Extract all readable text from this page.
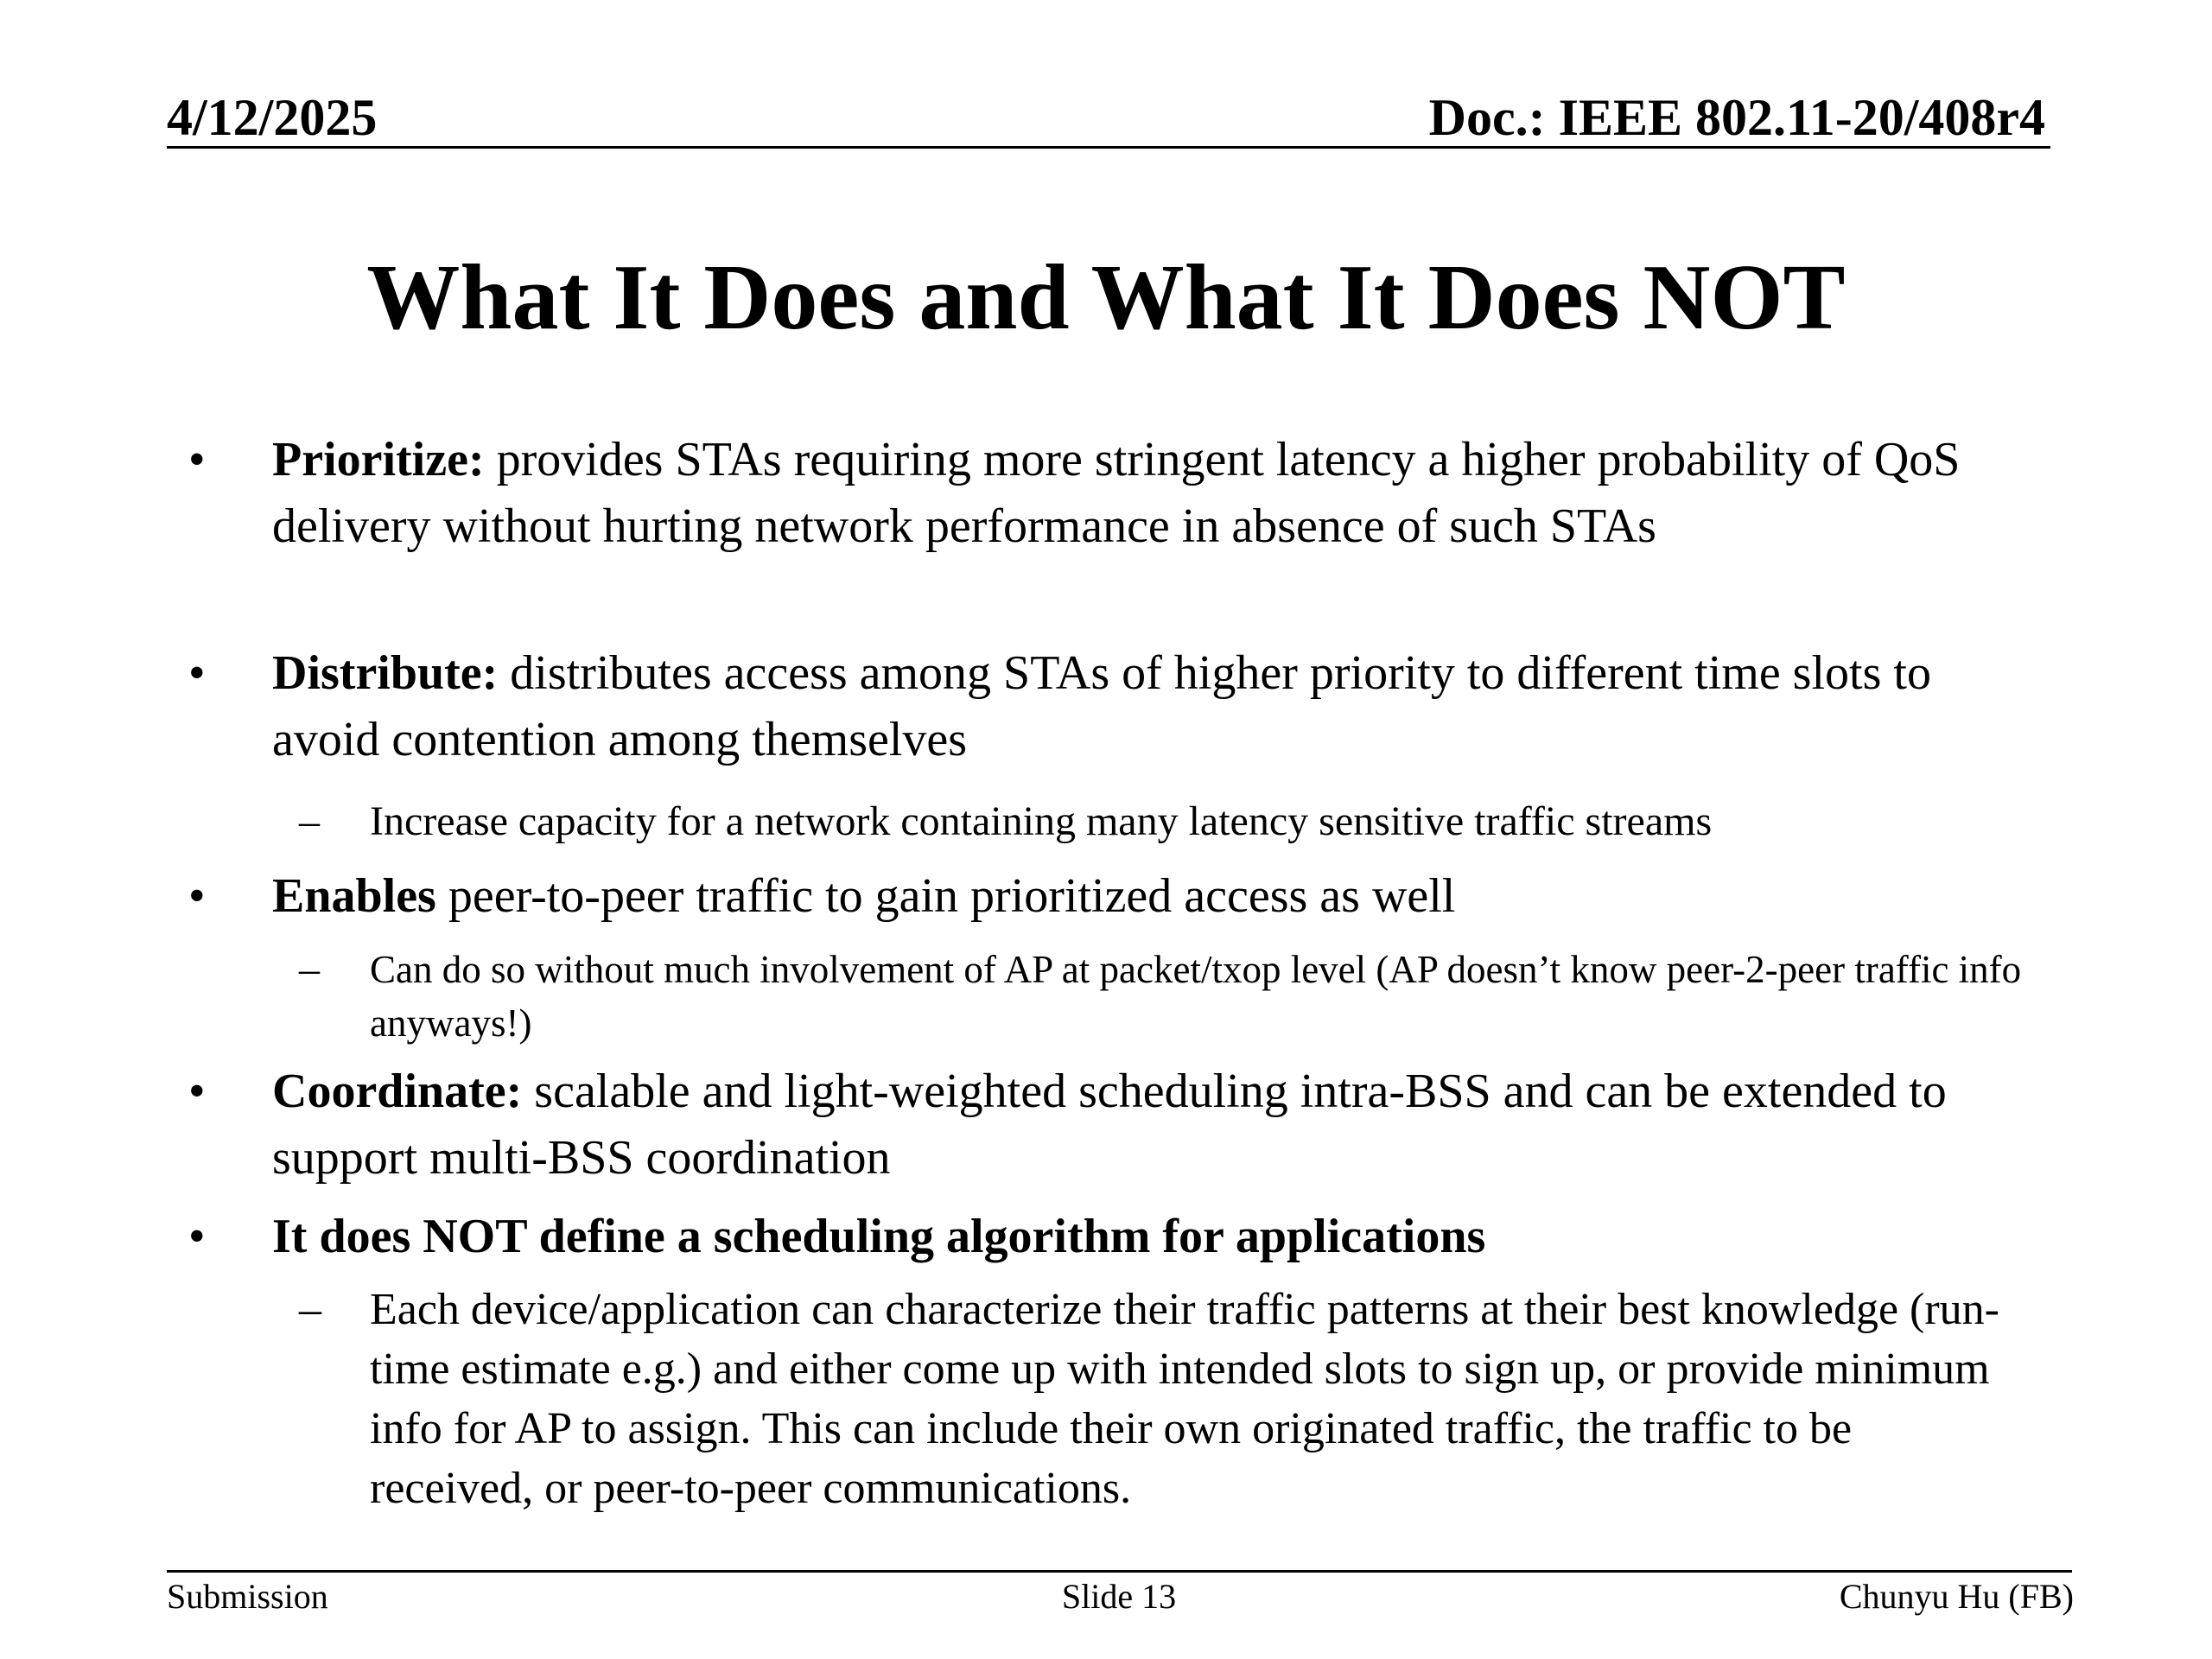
4/12/2025	Doc.: IEEE 802.11-20/408r4
What It Does and What It Does NOT
• Prioritize: provides STAs requiring more stringent latency a higher probability of QoS delivery without hurting network performance in absence of such STAs
• Distribute: distributes access among STAs of higher priority to different time slots to avoid contention among themselves
– Increase capacity for a network containing many latency sensitive traffic streams
• Enables peer-to-peer traffic to gain prioritized access as well
– Can do so without much involvement of AP at packet/txop level (AP doesn’t know peer-2-peer traffic info anyways!)
• Coordinate: scalable and light-weighted scheduling intra-BSS and can be extended to support multi-BSS coordination
• It does NOT define a scheduling algorithm for applications
– Each device/application can characterize their traffic patterns at their best knowledge (run-time estimate e.g.) and either come up with intended slots to sign up, or provide minimum info for AP to assign. This can include their own originated traffic, the traffic to be received, or peer-to-peer communications.
Submission	Slide 13	Chunyu Hu (FB)
